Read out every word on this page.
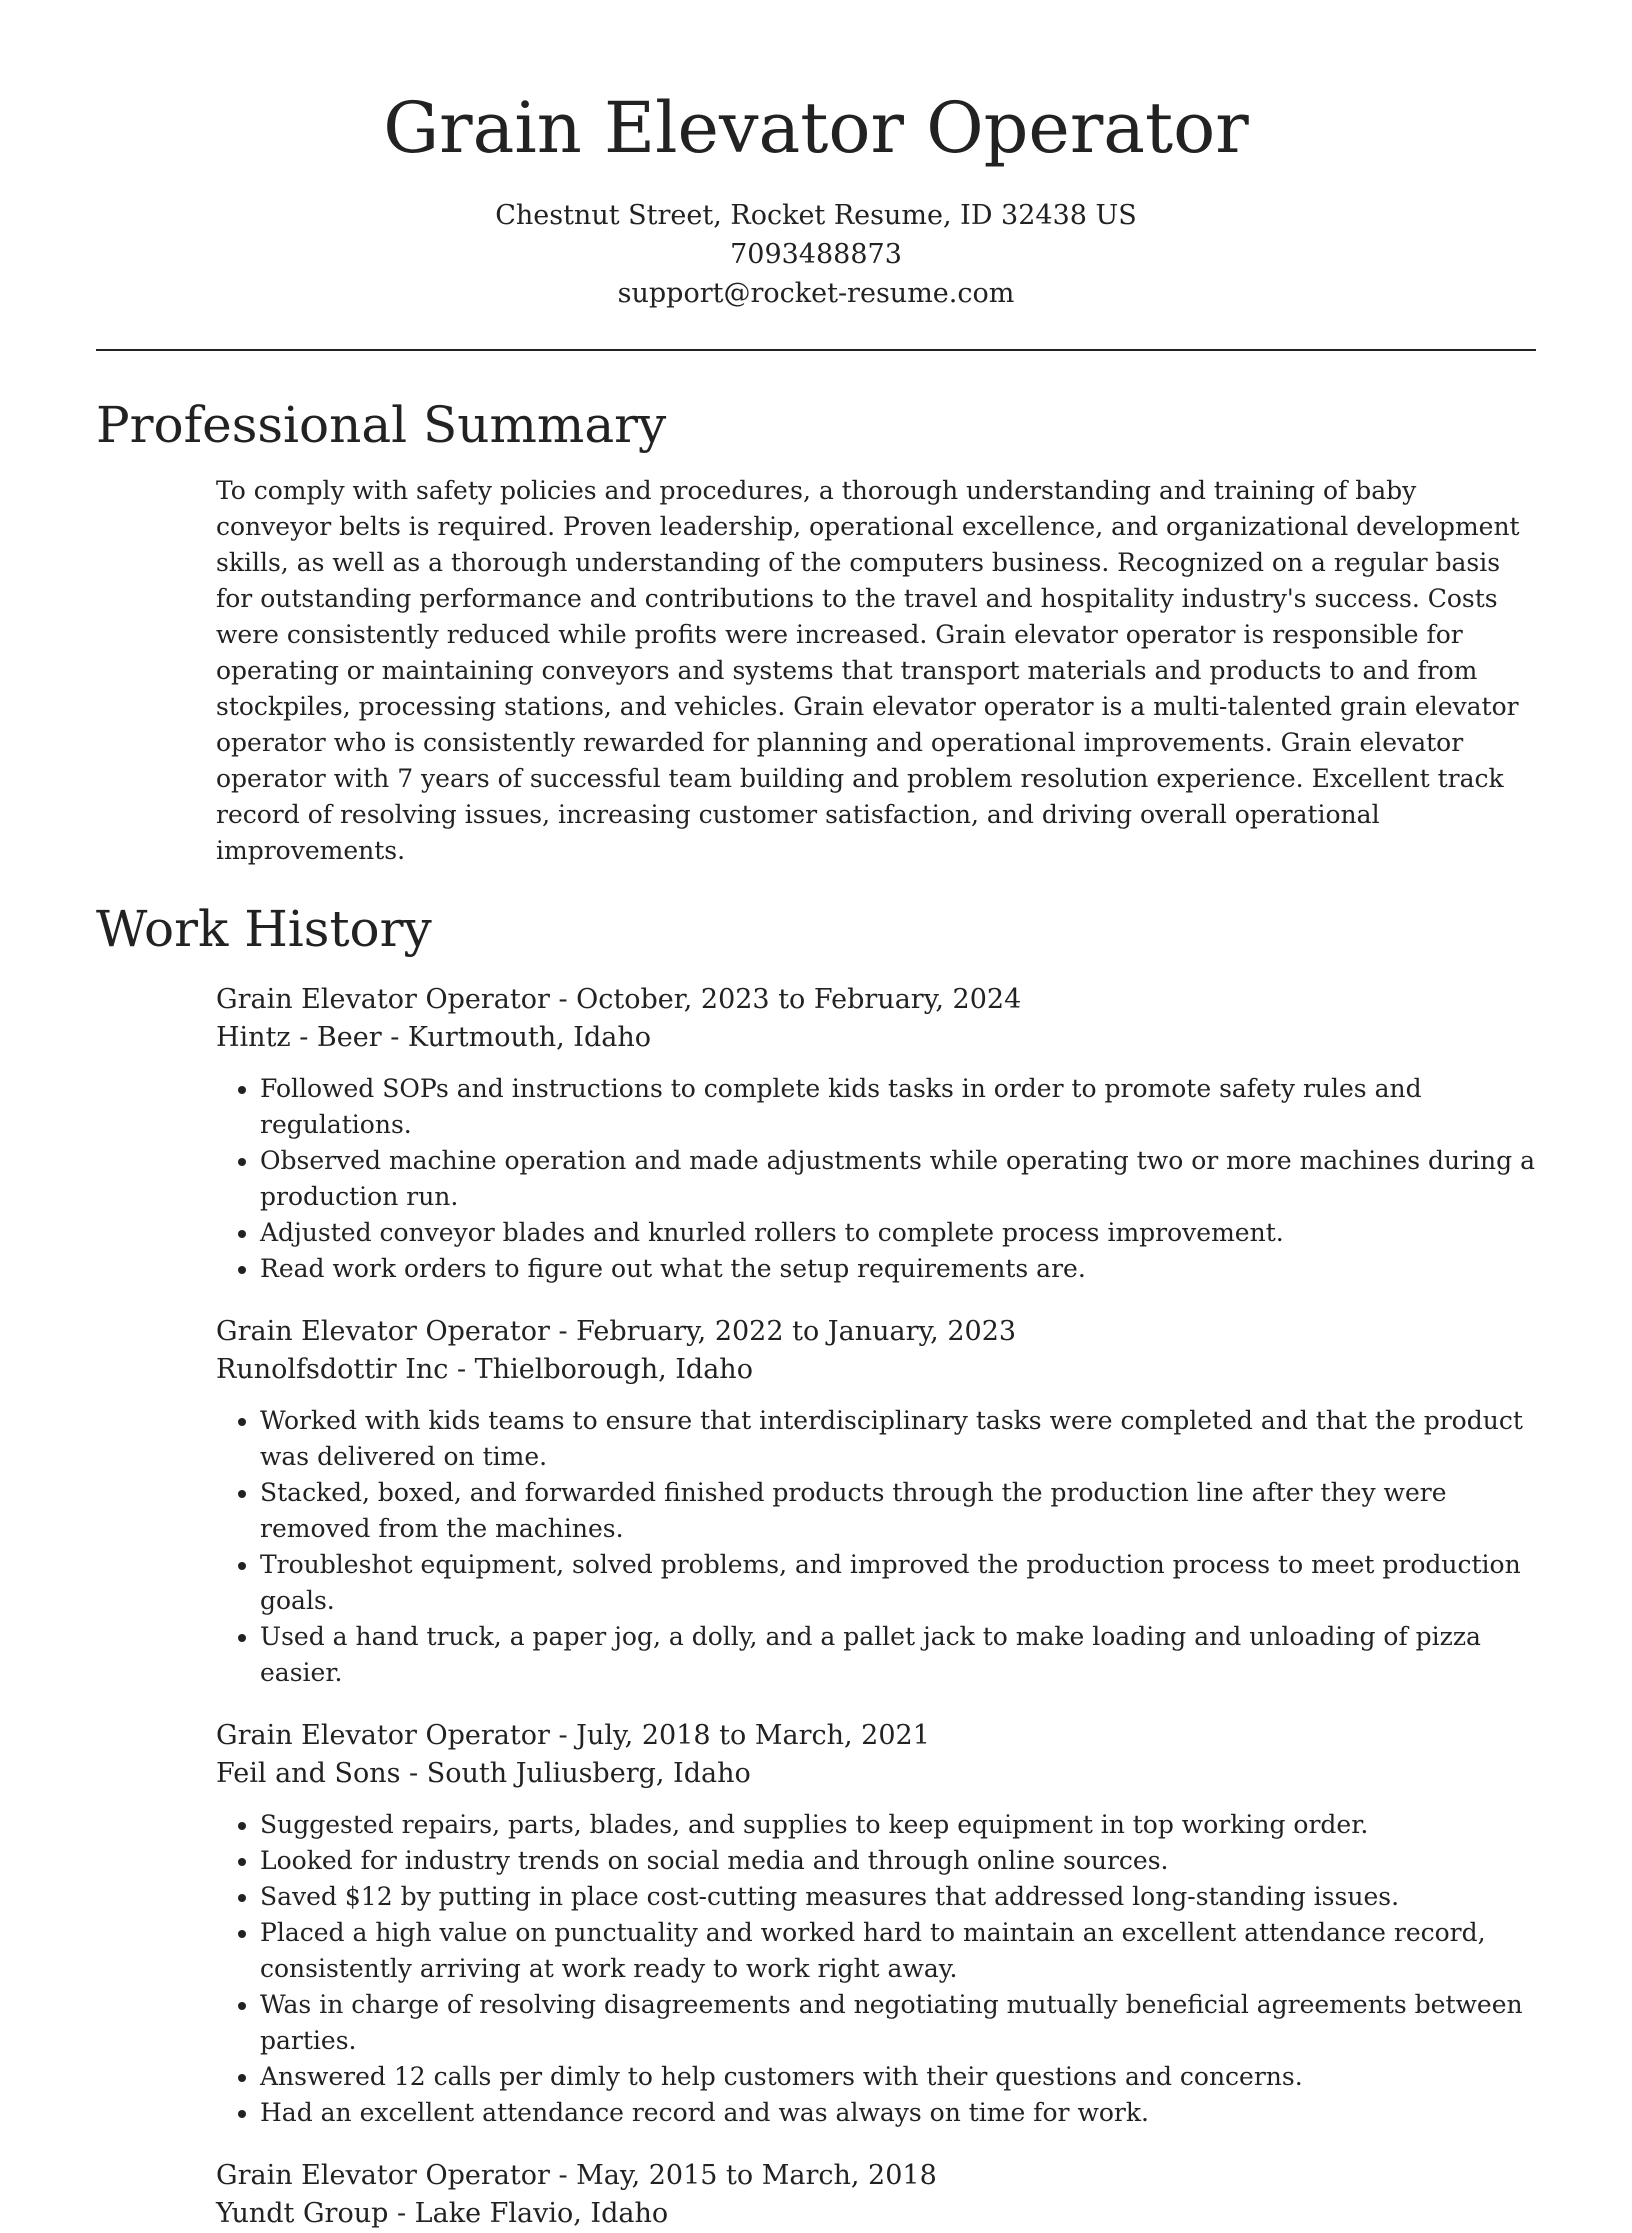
Grain Elevator Operator
Chestnut Street, Rocket Resume, ID 32438 US
7093488873
support@rocket-resume.com
Professional Summary

To comply with safety policies and procedures, a thorough understanding and training of baby conveyor belts is required. Proven leadership, operational excellence, and organizational development skills, as well as a thorough understanding of the computers business. Recognized on a regular basis for outstanding performance and contributions to the travel and hospitality industry's success. Costs were consistently reduced while profits were increased. Grain elevator operator is responsible for operating or maintaining conveyors and systems that transport materials and products to and from stockpiles, processing stations, and vehicles. Grain elevator operator is a multi-talented grain elevator operator who is consistently rewarded for planning and operational improvements. Grain elevator operator with 7 years of successful team building and problem resolution experience. Excellent track record of resolving issues, increasing customer satisfaction, and driving overall operational improvements.

Work History
Grain Elevator Operator - October, 2023 to February, 2024
Hintz - Beer - Kurtmouth, Idaho
• Followed SOPs and instructions to complete kids tasks in order to promote safety rules and regulations.
• Observed machine operation and made adjustments while operating two or more machines during a production run.
• Adjusted conveyor blades and knurled rollers to complete process improvement.
• Read work orders to figure out what the setup requirements are.
Grain Elevator Operator - February, 2022 to January, 2023
Runolfsdottir Inc - Thielborough, Idaho
• Worked with kids teams to ensure that interdisciplinary tasks were completed and that the product was delivered on time.
• Stacked, boxed, and forwarded finished products through the production line after they were removed from the machines.
• Troubleshot equipment, solved problems, and improved the production process to meet production goals.
• Used a hand truck, a paper jog, a dolly, and a pallet jack to make loading and unloading of pizza easier.
Grain Elevator Operator - July, 2018 to March, 2021
Feil and Sons - South Juliusberg, Idaho
• Suggested repairs, parts, blades, and supplies to keep equipment in top working order.
• Looked for industry trends on social media and through online sources.
• Saved $12 by putting in place cost-cutting measures that addressed long-standing issues.
• Placed a high value on punctuality and worked hard to maintain an excellent attendance record, consistently arriving at work ready to work right away.
• Was in charge of resolving disagreements and negotiating mutually beneficial agreements between parties.
• Answered 12 calls per dimly to help customers with their questions and concerns.
• Had an excellent attendance record and was always on time for work.
Grain Elevator Operator - May, 2015 to March, 2018
Yundt Group - Lake Flavio, Idaho
